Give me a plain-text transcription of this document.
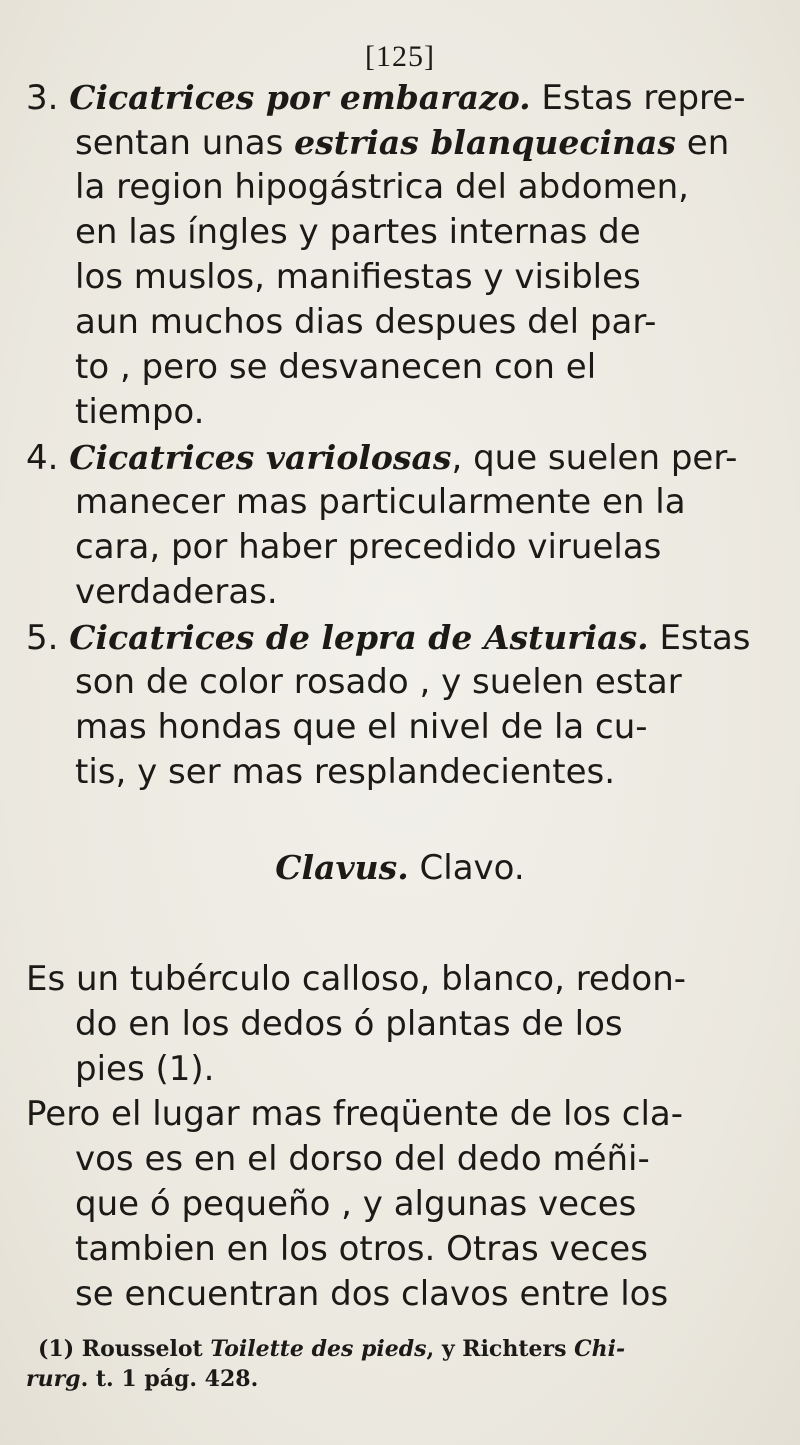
[125]
3. Cicatrices por embarazo. Estas repre-
sentan unas estrias blanquecinas en
la region hipogástrica del abdomen,
en las íngles y partes internas de
los muslos, manifiestas y visibles
aun muchos dias despues del par-
to , pero se desvanecen con el
tiempo.
4. Cicatrices variolosas, que suelen per-
manecer mas particularmente en la
cara, por haber precedido viruelas
verdaderas.
5. Cicatrices de lepra de Asturias. Estas
son de color rosado , y suelen estar
mas hondas que el nivel de la cu-
tis, y ser mas resplandecientes.
Clavus. Clavo.
Es un tubérculo calloso, blanco, redon-
do en los dedos ó plantas de los
pies (1).
Pero el lugar mas freqüente de los cla-
vos es en el dorso del dedo méñi-
que ó pequeño , y algunas veces
tambien en los otros. Otras veces
se encuentran dos clavos entre los
(1) Rousselot Toilette des pieds, y Richters Chi-
rurg. t. 1 pág. 428.
